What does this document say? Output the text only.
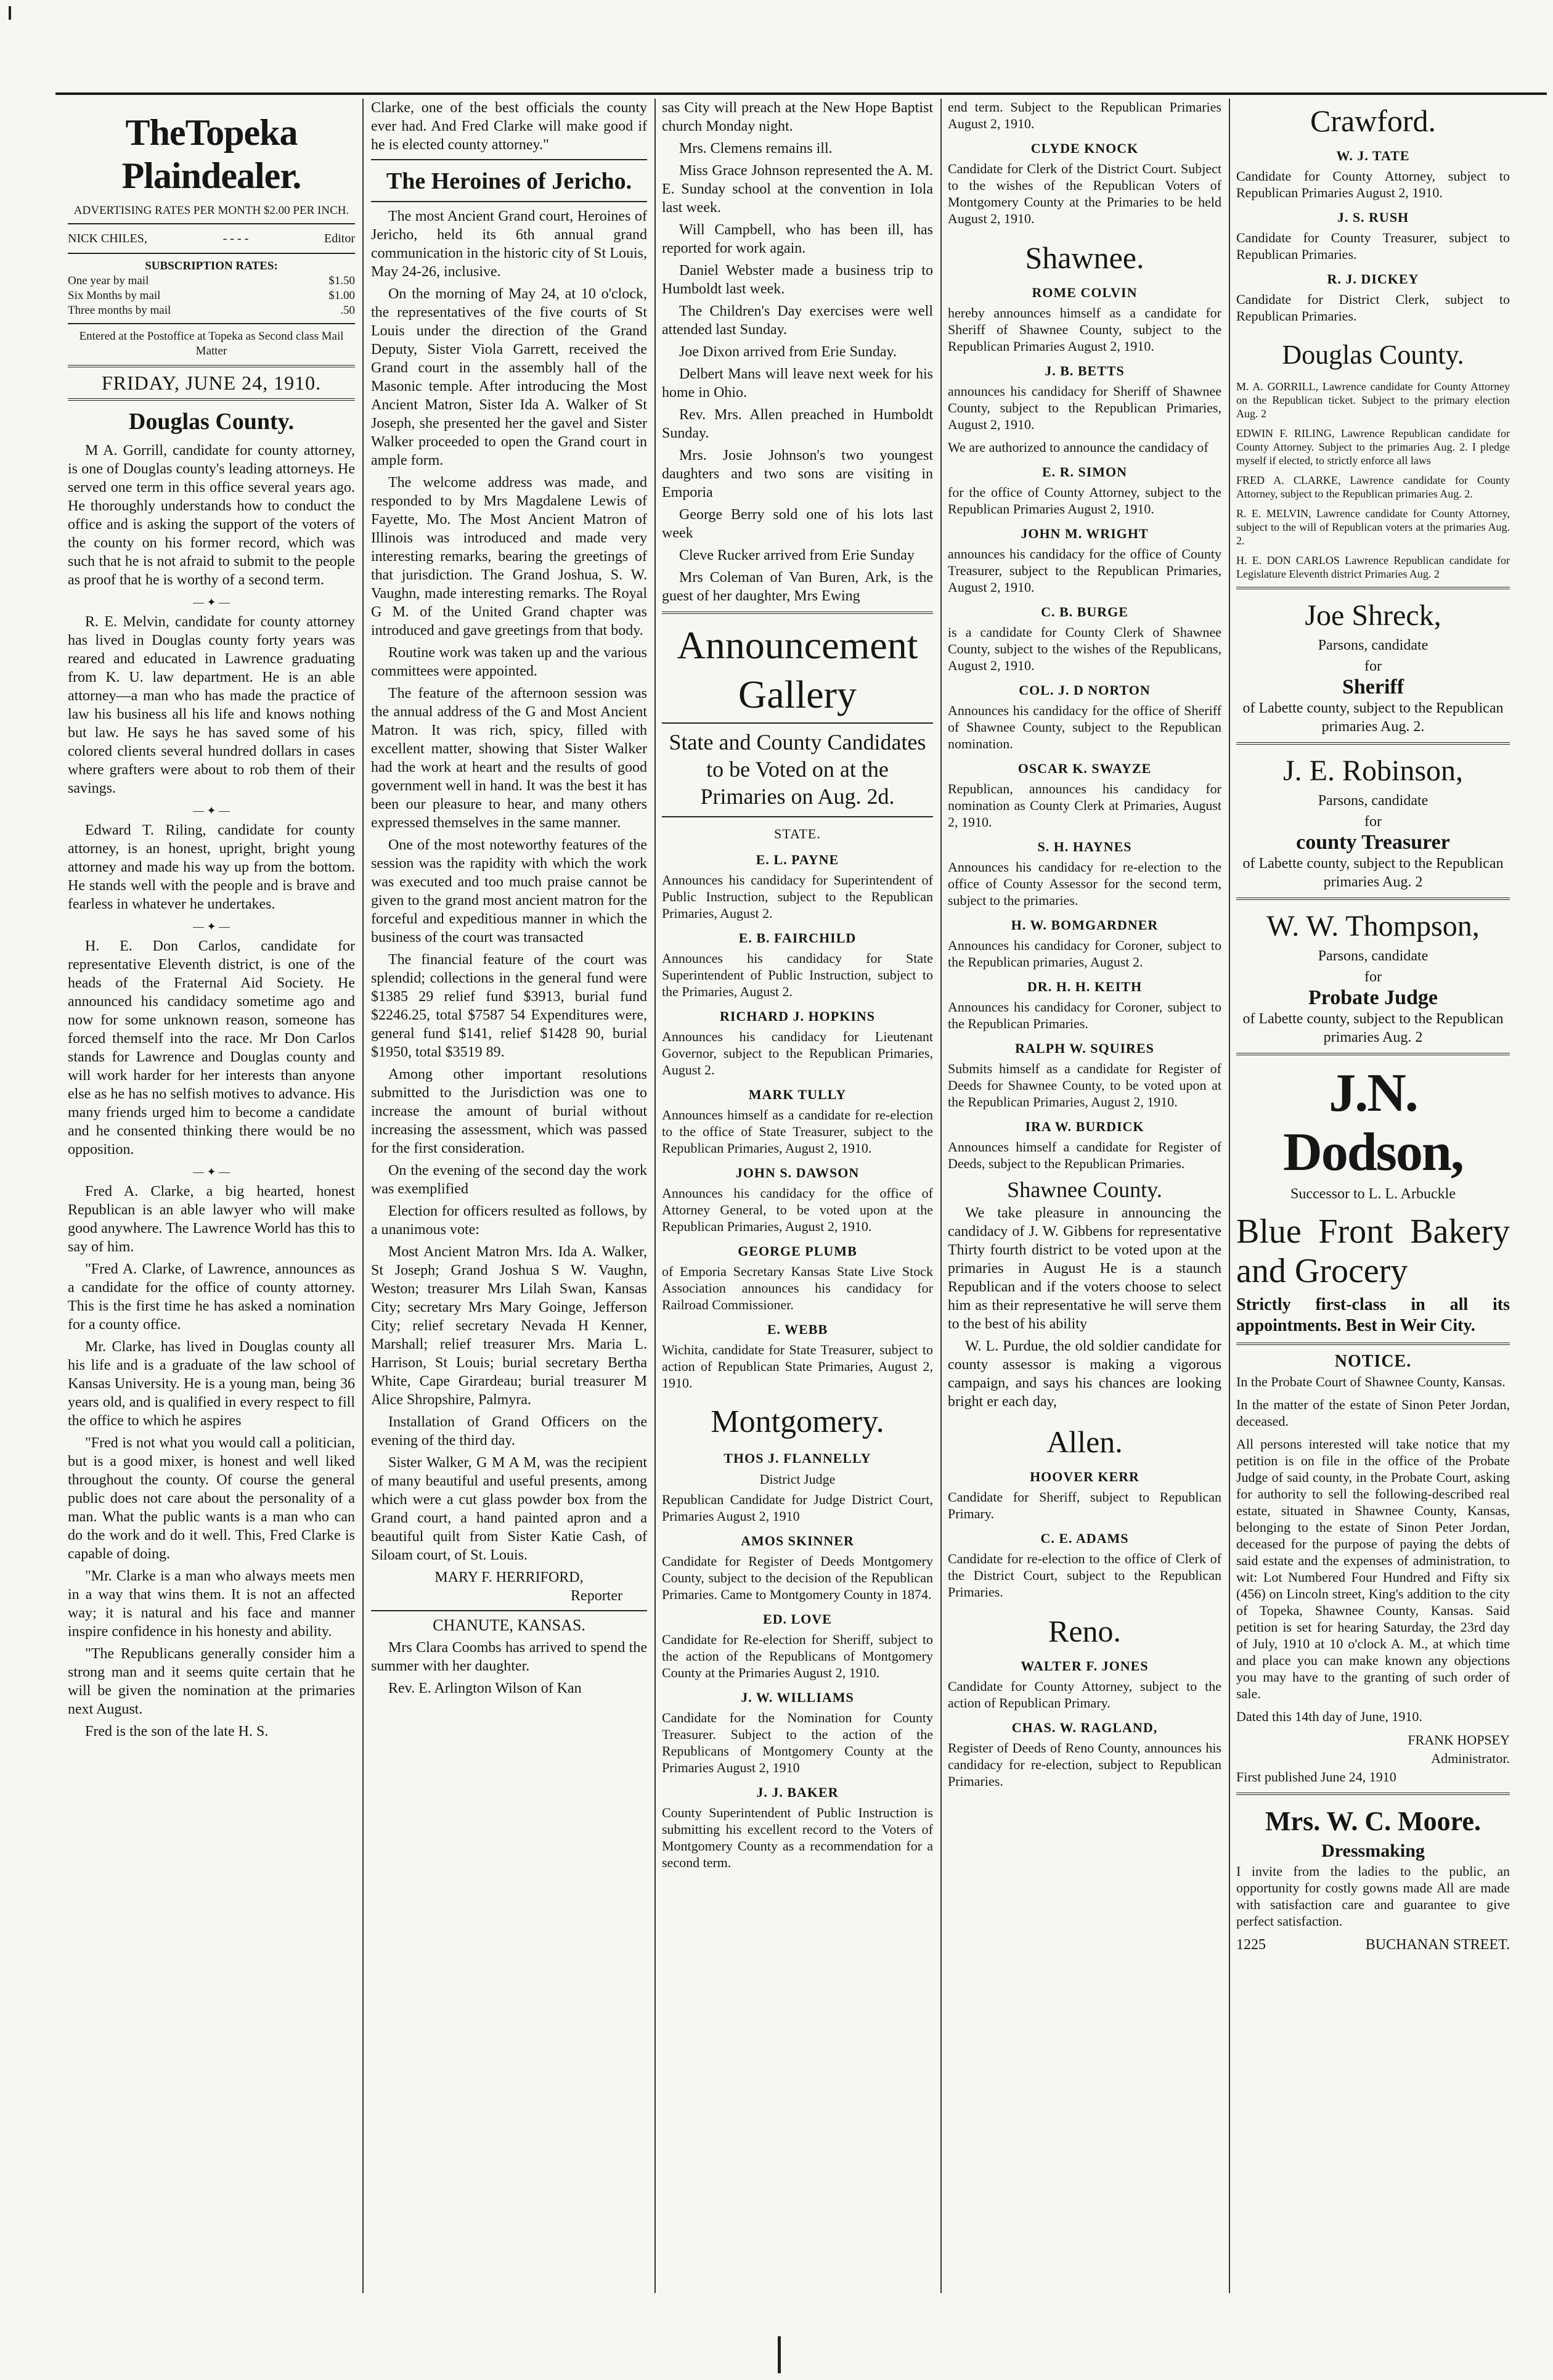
TheTopeka Plaindealer.
ADVERTISING RATES PER MONTH $2.00 PER INCH.
NICK CHILES,	- - - -	Editor
SUBSCRIPTION RATES:
One year by mail	$1.50
Six Months by mail	$1.00
Three months by mail	.50
Entered at the Postoffice at Topeka as Second class Mail Matter
FRIDAY, JUNE 24, 1910.
Douglas County.

M A. Gorrill, candidate for county attorney, is one of Douglas county's leading attorneys. He served one term in this office several years ago. He thoroughly understands how to conduct the office and is asking the support of the voters of the county on his former record, which was such that he is not afraid to submit to the people as proof that he is worthy of a second term.

— ✦ —

R. E. Melvin, candidate for county attorney has lived in Douglas county forty years was reared and educated in Lawrence graduating from K. U. law department. He is an able attorney—a man who has made the practice of law his business all his life and knows nothing but law. He says he has saved some of his colored clients several hundred dollars in cases where grafters were about to rob them of their savings.

— ✦ —

Edward T. Riling, candidate for county attorney, is an honest, upright, bright young attorney and made his way up from the bottom. He stands well with the people and is brave and fearless in whatever he undertakes.

— ✦ —

H. E. Don Carlos, candidate for representative Eleventh district, is one of the heads of the Fraternal Aid Society. He announced his candidacy sometime ago and now for some unknown reason, someone has forced themself into the race. Mr Don Carlos stands for Lawrence and Douglas county and will work harder for her interests than anyone else as he has no selfish motives to advance. His many friends urged him to become a candidate and he consented thinking there would be no opposition.

— ✦ —

Fred A. Clarke, a big hearted, honest Republican is an able lawyer who will make good anywhere. The Lawrence World has this to say of him.

"Fred A. Clarke, of Lawrence, announces as a candidate for the office of county attorney. This is the first time he has asked a nomination for a county office.

Mr. Clarke, has lived in Douglas county all his life and is a graduate of the law school of Kansas University. He is a young man, being 36 years old, and is qualified in every respect to fill the office to which he aspires

"Fred is not what you would call a politician, but is a good mixer, is honest and well liked throughout the county. Of course the general public does not care about the personality of a man. What the public wants is a man who can do the work and do it well. This, Fred Clarke is capable of doing.

"Mr. Clarke is a man who always meets men in a way that wins them. It is not an affected way; it is natural and his face and manner inspire confidence in his honesty and ability.

"The Republicans generally consider him a strong man and it seems quite certain that he will be given the nomination at the primaries next August.

Fred is the son of the late H. S.

Clarke, one of the best officials the county ever had. And Fred Clarke will make good if he is elected county attorney."

The Heroines of Jericho.

The most Ancient Grand court, Heroines of Jericho, held its 6th annual grand communication in the historic city of St Louis, May 24-26, inclusive.

On the morning of May 24, at 10 o'clock, the representatives of the five courts of St Louis under the direction of the Grand Deputy, Sister Viola Garrett, received the Grand court in the assembly hall of the Masonic temple. After introducing the Most Ancient Matron, Sister Ida A. Walker of St Joseph, she presented her the gavel and Sister Walker proceeded to open the Grand court in ample form.

The welcome address was made, and responded to by Mrs Magdalene Lewis of Fayette, Mo. The Most Ancient Matron of Illinois was introduced and made very interesting remarks, bearing the greetings of that jurisdiction. The Grand Joshua, S. W. Vaughn, made interesting remarks. The Royal G M. of the United Grand chapter was introduced and gave greetings from that body.

Routine work was taken up and the various committees were appointed.

The feature of the afternoon session was the annual address of the G and Most Ancient Matron. It was rich, spicy, filled with excellent matter, showing that Sister Walker had the work at heart and the results of good government well in hand. It was the best it has been our pleasure to hear, and many others expressed themselves in the same manner.

One of the most noteworthy features of the session was the rapidity with which the work was executed and too much praise cannot be given to the grand most ancient matron for the forceful and expeditious manner in which the business of the court was transacted

The financial feature of the court was splendid; collections in the general fund were $1385 29 relief fund $3913, burial fund $2246.25, total $7587 54 Expenditures were, general fund $141, relief $1428 90, burial $1950, total $3519 89.

Among other important resolutions submitted to the Jurisdiction was one to increase the amount of burial without increasing the assessment, which was passed for the first consideration.

On the evening of the second day the work was exemplified

Election for officers resulted as follows, by a unanimous vote:

Most Ancient Matron Mrs. Ida A. Walker, St Joseph; Grand Joshua S W. Vaughn, Weston; treasurer Mrs Lilah Swan, Kansas City; secretary Mrs Mary Goinge, Jefferson City; relief secretary Nevada H Kenner, Marshall; relief treasurer Mrs. Maria L. Harrison, St Louis; burial secretary Bertha White, Cape Girardeau; burial treasurer M Alice Shropshire, Palmyra.

Installation of Grand Officers on the evening of the third day.

Sister Walker, G M A M, was the recipient of many beautiful and useful presents, among which were a cut glass powder box from the Grand court, a hand painted apron and a beautiful quilt from Sister Katie Cash, of Siloam court, of St. Louis.

MARY F. HERRIFORD,
Reporter
CHANUTE, KANSAS.

Mrs Clara Coombs has arrived to spend the summer with her daughter.

Rev. E. Arlington Wilson of Kan

sas City will preach at the New Hope Baptist church Monday night.

Mrs. Clemens remains ill.

Miss Grace Johnson represented the A. M. E. Sunday school at the convention in Iola last week.

Will Campbell, who has been ill, has reported for work again.

Daniel Webster made a business trip to Humboldt last week.

The Children's Day exercises were well attended last Sunday.

Joe Dixon arrived from Erie Sunday.

Delbert Mans will leave next week for his home in Ohio.

Rev. Mrs. Allen preached in Humboldt Sunday.

Mrs. Josie Johnson's two youngest daughters and two sons are visiting in Emporia

George Berry sold one of his lots last week

Cleve Rucker arrived from Erie Sunday

Mrs Coleman of Van Buren, Ark, is the guest of her daughter, Mrs Ewing

Announcement
Gallery
State and County Candidates to be Voted on at the Primaries on Aug. 2d.
STATE.
E. L. PAYNE
Announces his candidacy for Superintendent of Public Instruction, subject to the Republican Primaries, August 2.
E. B. FAIRCHILD
Announces his candidacy for State Superintendent of Public Instruction, subject to the Primaries, August 2.
RICHARD J. HOPKINS
Announces his candidacy for Lieutenant Governor, subject to the Republican Primaries, August 2.
MARK TULLY
Announces himself as a candidate for re-election to the office of State Treasurer, subject to the Republican Primaries, August 2, 1910.
JOHN S. DAWSON
Announces his candidacy for the office of Attorney General, to be voted upon at the Republican Primaries, August 2, 1910.
GEORGE PLUMB
of Emporia Secretary Kansas State Live Stock Association announces his candidacy for Railroad Commissioner.
E. WEBB
Wichita, candidate for State Treasurer, subject to action of Republican State Primaries, August 2, 1910.
Montgomery.
THOS J. FLANNELLY
District Judge
Republican Candidate for Judge District Court, Primaries August 2, 1910
AMOS SKINNER
Candidate for Register of Deeds Montgomery County, subject to the decision of the Republican Primaries. Came to Montgomery County in 1874.
ED. LOVE
Candidate for Re-election for Sheriff, subject to the action of the Republicans of Montgomery County at the Primaries August 2, 1910.
J. W. WILLIAMS
Candidate for the Nomination for County Treasurer. Subject to the action of the Republicans of Montgomery County at the Primaries August 2, 1910
J. J. BAKER
County Superintendent of Public Instruction is submitting his excellent record to the Voters of Montgomery County as a recommendation for a second term.
end term. Subject to the Republican Primaries August 2, 1910.
CLYDE KNOCK
Candidate for Clerk of the District Court. Subject to the wishes of the Republican Voters of Montgomery County at the Primaries to be held August 2, 1910.
Shawnee.
ROME COLVIN
hereby announces himself as a candidate for Sheriff of Shawnee County, subject to the Republican Primaries August 2, 1910.
J. B. BETTS
announces his candidacy for Sheriff of Shawnee County, subject to the Republican Primaries, August 2, 1910.
We are authorized to announce the candidacy of
E. R. SIMON
for the office of County Attorney, subject to the Republican Primaries August 2, 1910.
JOHN M. WRIGHT
announces his candidacy for the office of County Treasurer, subject to the Republican Primaries, August 2, 1910.
C. B. BURGE
is a candidate for County Clerk of Shawnee County, subject to the wishes of the Republicans, August 2, 1910.
COL. J. D NORTON
Announces his candidacy for the office of Sheriff of Shawnee County, subject to the Republican nomination.
OSCAR K. SWAYZE
Republican, announces his candidacy for nomination as County Clerk at Primaries, August 2, 1910.
S. H. HAYNES
Announces his candidacy for re-election to the office of County Assessor for the second term, subject to the primaries.
H. W. BOMGARDNER
Announces his candidacy for Coroner, subject to the Republican primaries, August 2.
DR. H. H. KEITH
Announces his candidacy for Coroner, subject to the Republican Primaries.
RALPH W. SQUIRES
Submits himself as a candidate for Register of Deeds for Shawnee County, to be voted upon at the Republican Primaries, August 2, 1910.
IRA W. BURDICK
Announces himself a candidate for Register of Deeds, subject to the Republican Primaries.
Shawnee County.

We take pleasure in announcing the candidacy of J. W. Gibbens for representative Thirty fourth district to be voted upon at the primaries in August He is a staunch Republican and if the voters choose to select him as their representative he will serve them to the best of his ability

W. L. Purdue, the old soldier candidate for county assessor is making a vigorous campaign, and says his chances are looking bright er each day,

Allen.
HOOVER KERR
Candidate for Sheriff, subject to Republican Primary.
C. E. ADAMS
Candidate for re-election to the office of Clerk of the District Court, subject to the Republican Primaries.
Reno.
WALTER F. JONES
Candidate for County Attorney, subject to the action of Republican Primary.
CHAS. W. RAGLAND,
Register of Deeds of Reno County, announces his candidacy for re-election, subject to Republican Primaries.
Crawford.
W. J. TATE
Candidate for County Attorney, subject to Republican Primaries August 2, 1910.
J. S. RUSH
Candidate for County Treasurer, subject to Republican Primaries.
R. J. DICKEY
Candidate for District Clerk, subject to Republican Primaries.
Douglas County.
M. A. GORRILL, Lawrence candidate for County Attorney on the Republican ticket. Subject to the primary election Aug. 2
EDWIN F. RILING, Lawrence Republican candidate for County Attorney. Subject to the primaries Aug. 2. I pledge myself if elected, to strictly enforce all laws
FRED A. CLARKE, Lawrence candidate for County Attorney, subject to the Republican primaries Aug. 2.
R. E. MELVIN, Lawrence candidate for County Attorney, subject to the will of Republican voters at the primaries Aug. 2.
H. E. DON CARLOS Lawrence Republican candidate for Legislature Eleventh district Primaries Aug. 2
Joe Shreck,
Parsons, candidate
for
Sheriff
of Labette county, subject to the Republican primaries Aug. 2.
J. E. Robinson,
Parsons, candidate
for
county Treasurer
of Labette county, subject to the Republican primaries Aug. 2
W. W. Thompson,
Parsons, candidate
for
Probate Judge
of Labette county, subject to the Republican primaries Aug. 2
J.N. Dodson,
Successor to L. L. Arbuckle
Blue Front Bakery and Grocery
Strictly first-class in all its appointments. Best in Weir City.
NOTICE.
In the Probate Court of Shawnee County, Kansas.
In the matter of the estate of Sinon Peter Jordan, deceased.
All persons interested will take notice that my petition is on file in the office of the Probate Judge of said county, in the Probate Court, asking for authority to sell the following-described real estate, situated in Shawnee County, Kansas, belonging to the estate of Sinon Peter Jordan, deceased for the purpose of paying the debts of said estate and the expenses of administration, to wit: Lot Numbered Four Hundred and Fifty six (456) on Lincoln street, King's addition to the city of Topeka, Shawnee County, Kansas. Said petition is set for hearing Saturday, the 23rd day of July, 1910 at 10 o'clock A. M., at which time and place you can make known any objections you may have to the granting of such order of sale.
Dated this 14th day of June, 1910.
FRANK HOPSEY
Administrator.
First published June 24, 1910
Mrs. W. C. Moore.
Dressmaking
I invite from the ladies to the public, an opportunity for costly gowns made All are made with satisfaction care and guarantee to give perfect satisfaction.
1225	BUCHANAN STREET.
